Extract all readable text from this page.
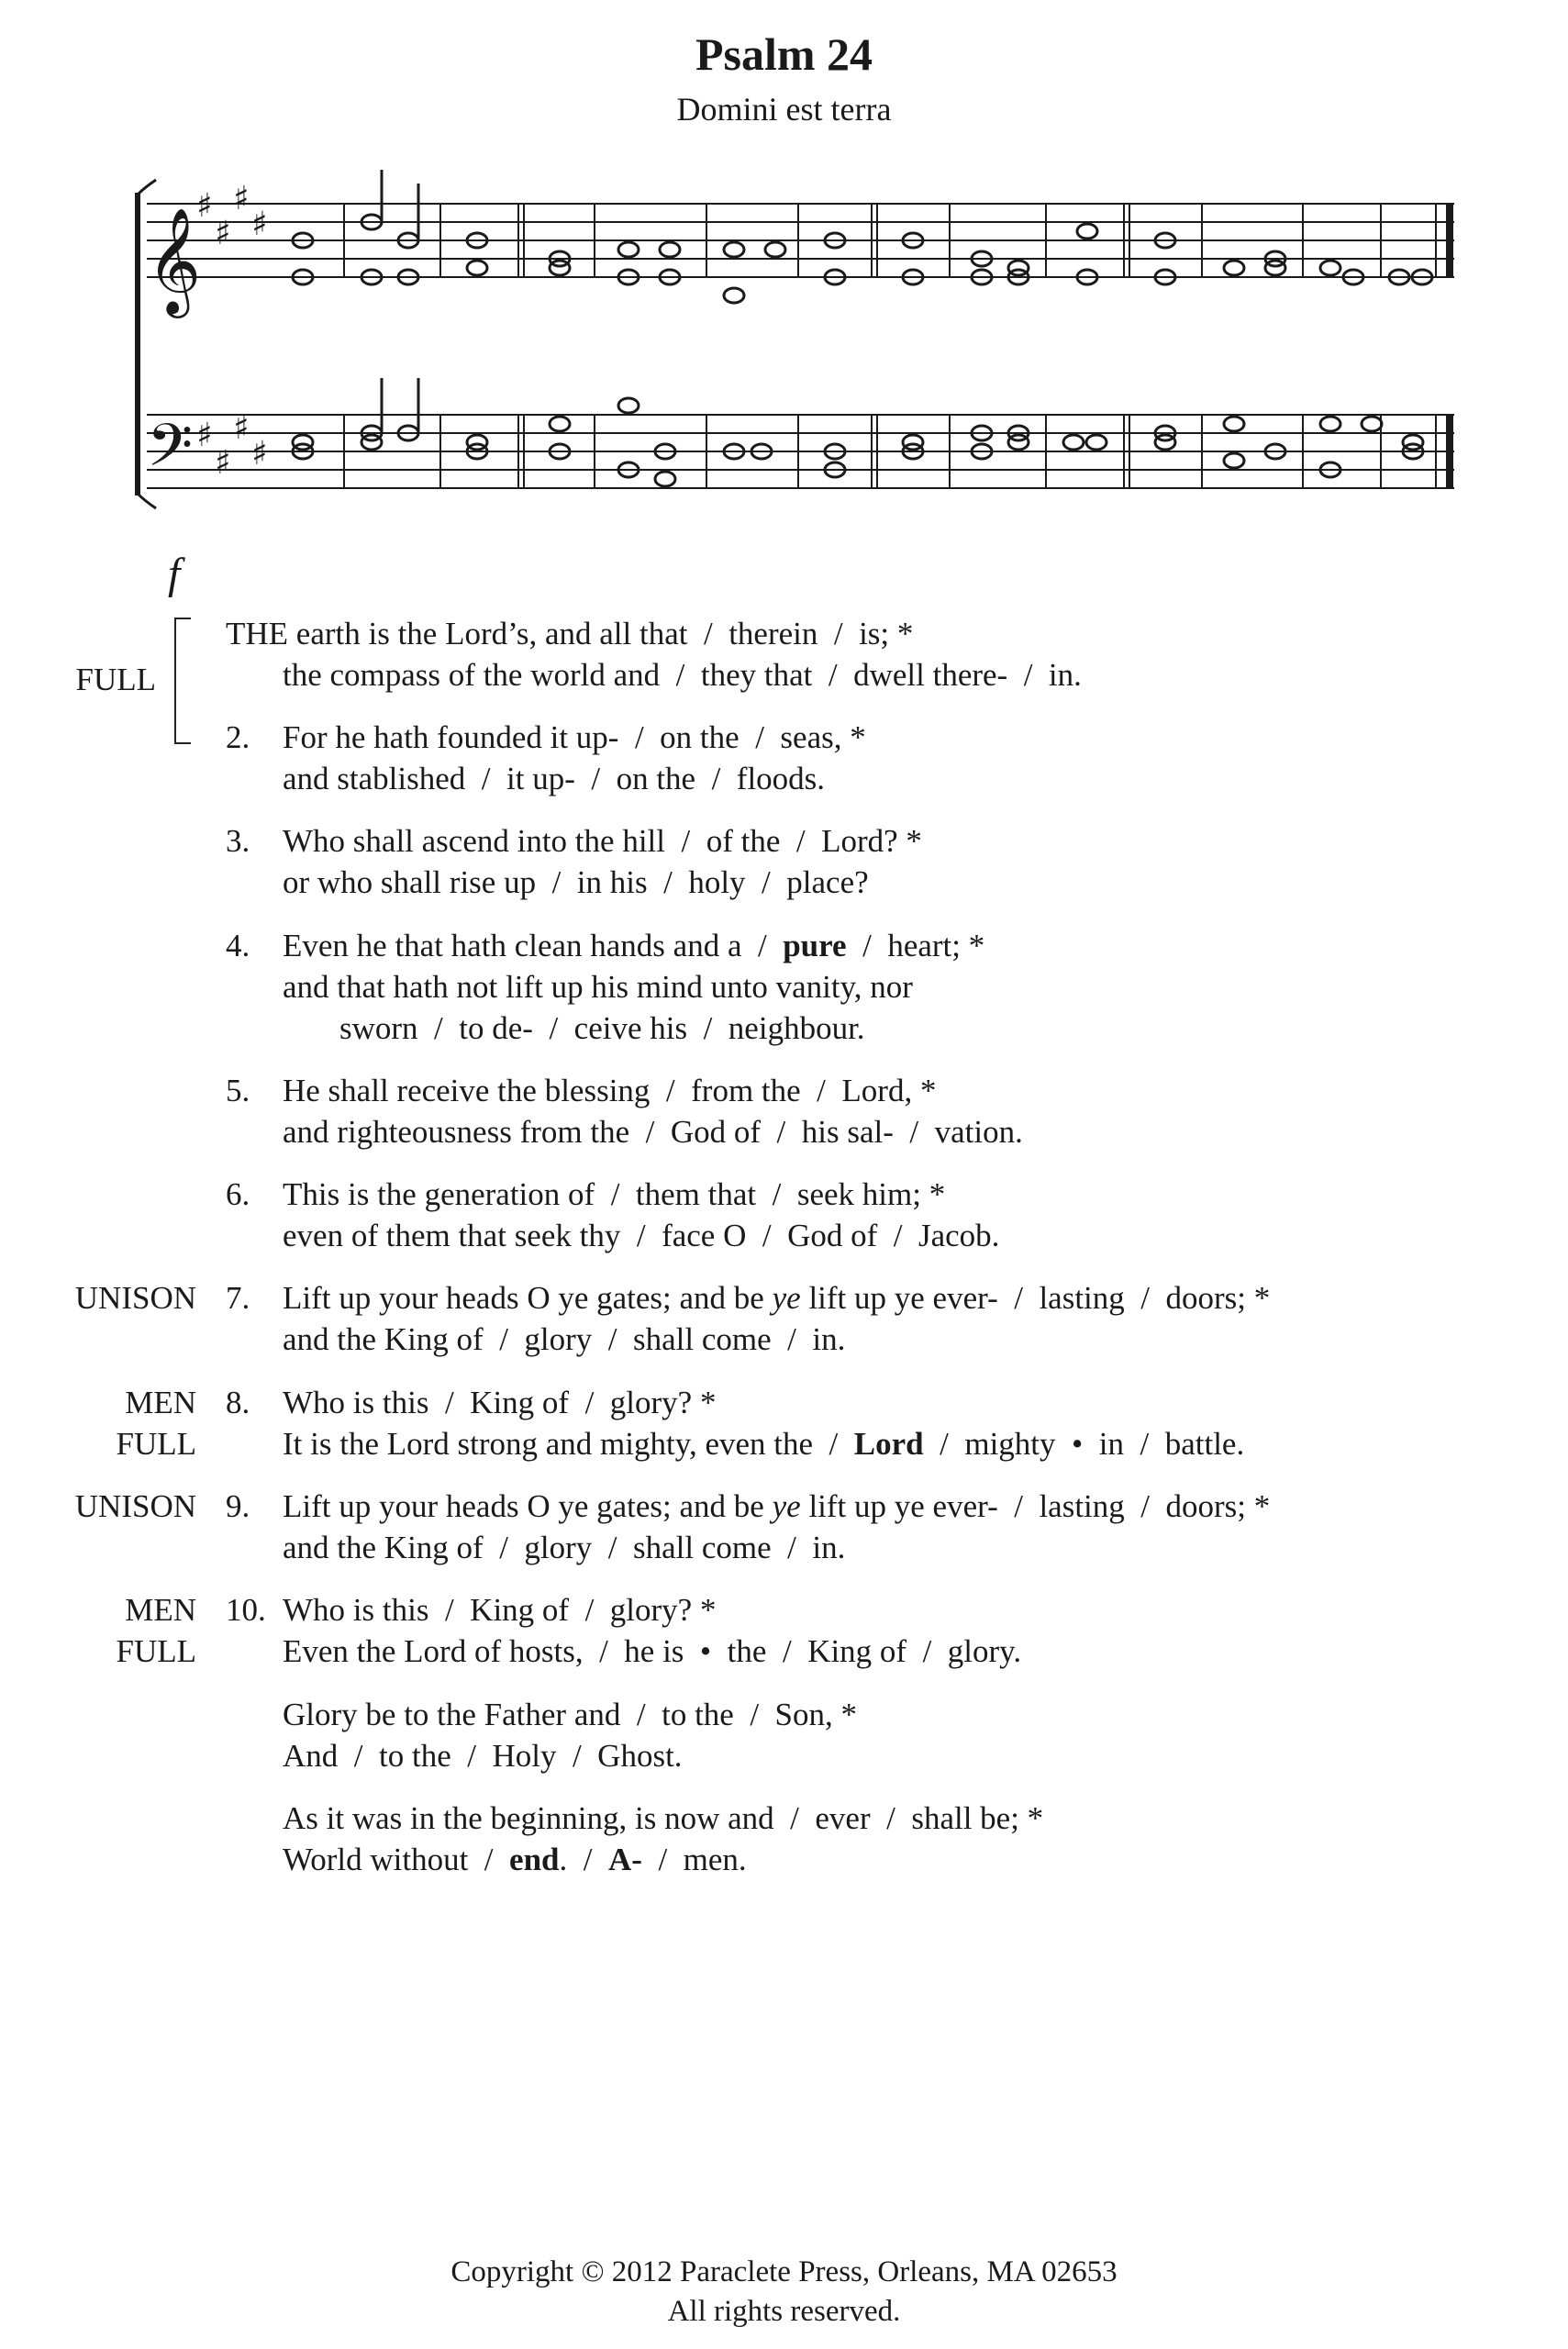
Psalm 24
Domini est terra
𝄞
𝄢
♯
♯
♯
♯
♯
♯
♯
♯
f
FULL
THE earth is the Lord’s, and all that  /  therein  /  is; *
the compass of the world and  /  they that  /  dwell there-  /  in.
2. For he hath founded it up-  /  on the  /  seas, *
and stablished  /  it up-  /  on the  /  floods.
3. Who shall ascend into the hill  /  of the  /  Lord? *
or who shall rise up  /  in his  /  holy  /  place?
4. Even he that hath clean hands and a  /  pure  /  heart; *
and that hath not lift up his mind unto vanity, nor
sworn  /  to de-  /  ceive his  /  neighbour.
5. He shall receive the blessing  /  from the  /  Lord, *
and righteousness from the  /  God of  /  his sal-  /  vation.
6. This is the generation of  /  them that  /  seek him; *
even of them that seek thy  /  face O  /  God of  /  Jacob.
UNISON 7. Lift up your heads O ye gates; and be ye lift up ye ever-  /  lasting  /  doors; *
and the King of  /  glory  /  shall come  /  in.
MEN
FULL
8. Who is this  /  King of  /  glory? *
It is the Lord strong and mighty, even the  /  Lord  /  mighty  •  in  /  battle.
UNISON 9. Lift up your heads O ye gates; and be ye lift up ye ever-  /  lasting  /  doors; *
and the King of  /  glory  /  shall come  /  in.
MEN
FULL
10. Who is this  /  King of  /  glory? *
Even the Lord of hosts,  /  he is  •  the  /  King of  /  glory.
Glory be to the Father and  /  to the  /  Son, *
And  /  to the  /  Holy  /  Ghost.
As it was in the beginning, is now and  /  ever  /  shall be; *
World without  /  end.  /  A-  /  men.
Copyright © 2012 Paraclete Press, Orleans, MA 02653
All rights reserved.
